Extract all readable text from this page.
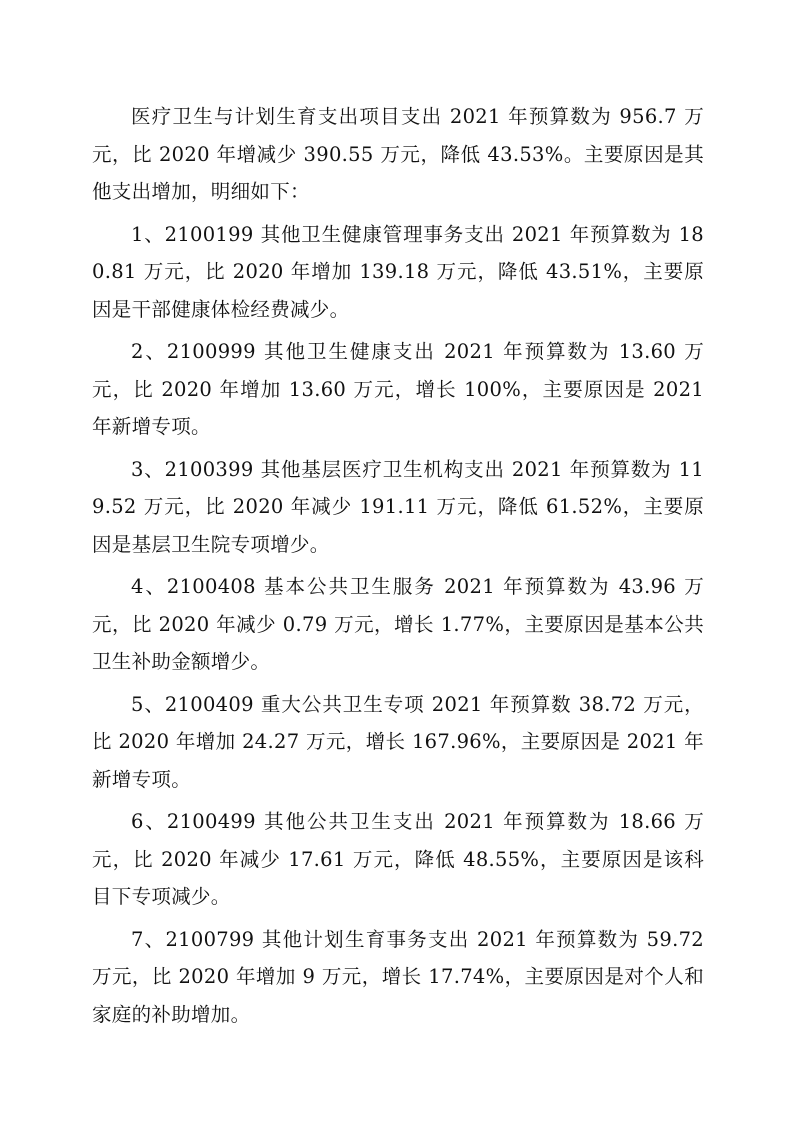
医疗卫生与计划生育支出项目支出 2021 年预算数为 956.7 万元，比 2020 年增减少 390.55 万元，降低 43.53%。主要原因是其他支出增加，明细如下：

1、2100199 其他卫生健康管理事务支出 2021 年预算数为 180.81 万元，比 2020 年增加 139.18 万元，降低 43.51%，主要原因是干部健康体检经费减少。

2、2100999 其他卫生健康支出 2021 年预算数为 13.60 万元，比 2020 年增加 13.60 万元，增长 100%，主要原因是 2021 年新增专项。

3、2100399 其他基层医疗卫生机构支出 2021 年预算数为 119.52 万元，比 2020 年减少 191.11 万元，降低 61.52%，主要原因是基层卫生院专项增少。

4、2100408 基本公共卫生服务 2021 年预算数为 43.96 万元，比 2020 年减少 0.79 万元，增长 1.77%，主要原因是基本公共卫生补助金额增少。

5、2100409 重大公共卫生专项 2021 年预算数 38.72 万元，比 2020 年增加 24.27 万元，增长 167.96%，主要原因是 2021 年新增专项。

6、2100499 其他公共卫生支出 2021 年预算数为 18.66 万元，比 2020 年减少 17.61 万元，降低 48.55%，主要原因是该科目下专项减少。

7、2100799 其他计划生育事务支出 2021 年预算数为 59.72 万元，比 2020 年增加 9 万元，增长 17.74%，主要原因是对个人和家庭的补助增加。
